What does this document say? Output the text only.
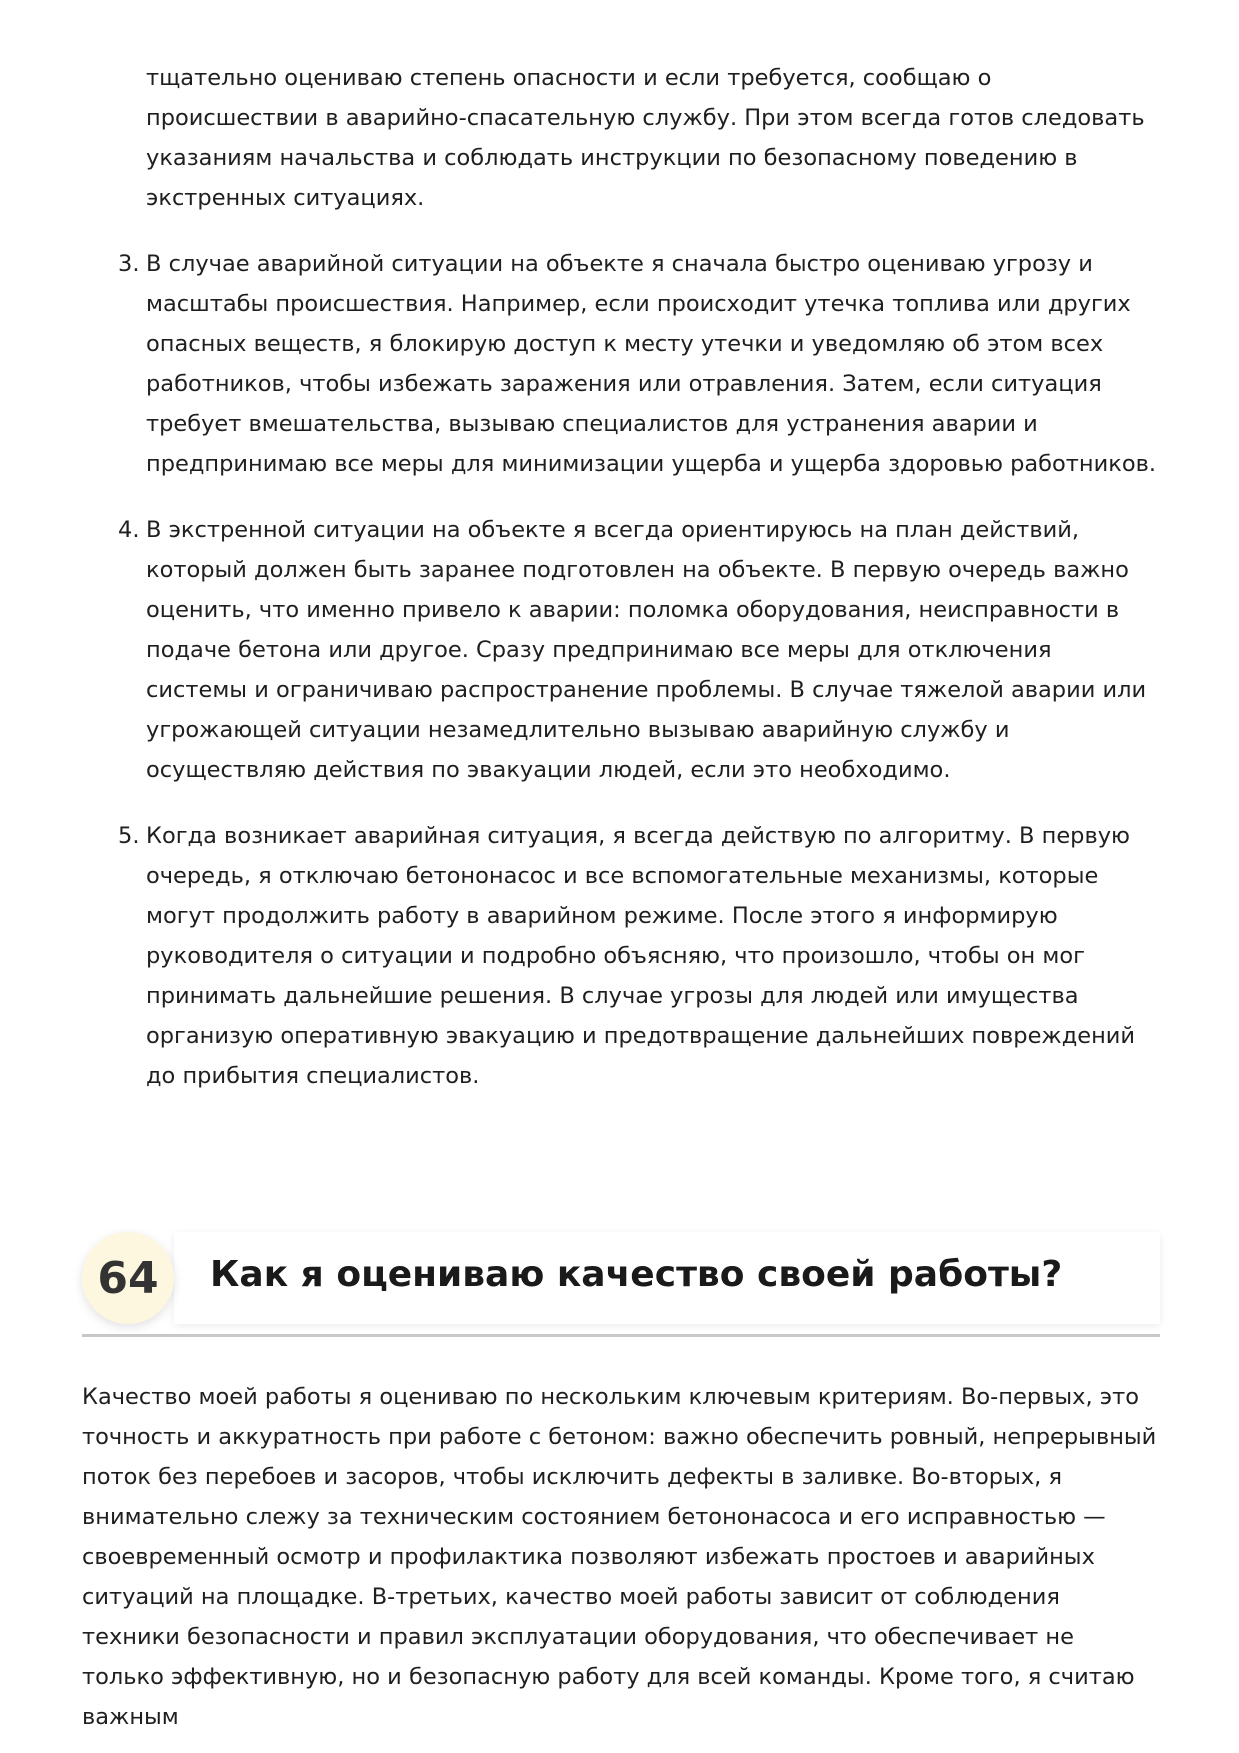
тщательно оцениваю степень опасности и если требуется, сообщаю о происшествии в аварийно-спасательную службу. При этом всегда готов следовать указаниям начальства и соблюдать инструкции по безопасному поведению в экстренных ситуациях.

3. В случае аварийной ситуации на объекте я сначала быстро оцениваю угрозу и масштабы происшествия. Например, если происходит утечка топлива или других опасных веществ, я блокирую доступ к месту утечки и уведомляю об этом всех работников, чтобы избежать заражения или отравления. Затем, если ситуация требует вмешательства, вызываю специалистов для устранения аварии и предпринимаю все меры для минимизации ущерба и ущерба здоровью работников.
4. В экстренной ситуации на объекте я всегда ориентируюсь на план действий, который должен быть заранее подготовлен на объекте. В первую очередь важно оценить, что именно привело к аварии: поломка оборудования, неисправности в подаче бетона или другое. Сразу предпринимаю все меры для отключения системы и ограничиваю распространение проблемы. В случае тяжелой аварии или угрожающей ситуации незамедлительно вызываю аварийную службу и осуществляю действия по эвакуации людей, если это необходимо.
5. Когда возникает аварийная ситуация, я всегда действую по алгоритму. В первую очередь, я отключаю бетононасос и все вспомогательные механизмы, которые могут продолжить работу в аварийном режиме. После этого я информирую руководителя о ситуации и подробно объясняю, что произошло, чтобы он мог принимать дальнейшие решения. В случае угрозы для людей или имущества организую оперативную эвакуацию и предотвращение дальнейших повреждений до прибытия специалистов.
64	Как я оцениваю качество своей работы?

Качество моей работы я оцениваю по нескольким ключевым критериям. Во-первых, это точность и аккуратность при работе с бетоном: важно обеспечить ровный, непрерывный поток без перебоев и засоров, чтобы исключить дефекты в заливке. Во-вторых, я внимательно слежу за техническим состоянием бетононасоса и его исправностью — своевременный осмотр и профилактика позволяют избежать простоев и аварийных ситуаций на площадке. В-третьих, качество моей работы зависит от соблюдения техники безопасности и правил эксплуатации оборудования, что обеспечивает не только эффективную, но и безопасную работу для всей команды. Кроме того, я считаю важным
